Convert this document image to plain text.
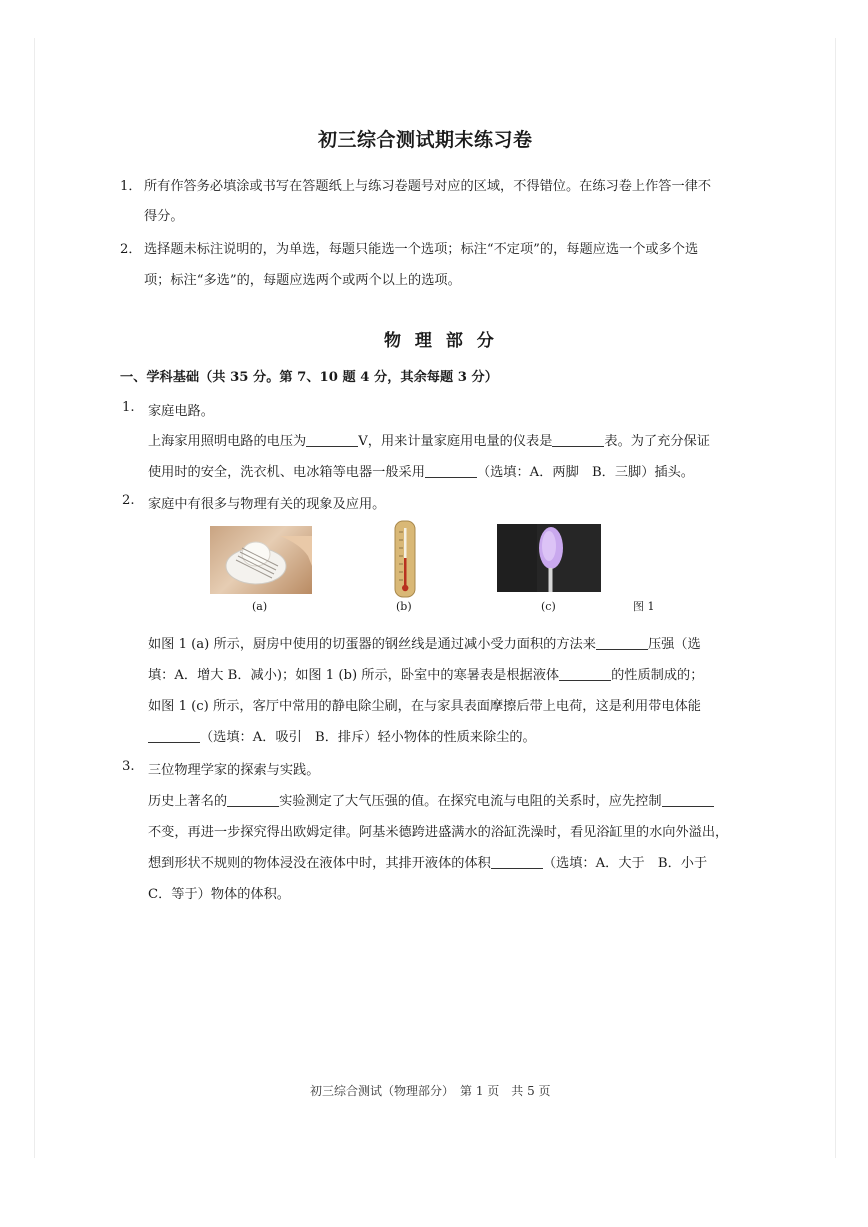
初三综合测试期末练习卷
1． 所有作答务必填涂或书写在答题纸上与练习卷题号对应的区域，不得错位。在练习卷上作答一律不
得分。
2． 选择题未标注说明的，为单选，每题只能选一个选项；标注“不定项”的，每题应选一个或多个选
项；标注“多选”的，每题应选两个或两个以上的选项。
物 理 部 分
一、学科基础（共 35 分。第 7、10 题 4 分，其余每题 3 分）
1. 家庭电路。
上海家用照明电路的电压为	V，用来计量家庭用电量的仪表是	表。为了充分保证
使用时的安全，洗衣机、电冰箱等电器一般采用	（选填：A．两脚　B．三脚）插头。
2. 家庭中有很多与物理有关的现象及应用。
(a)	(b)	(c)	图 1
如图 1 (a) 所示，厨房中使用的切蛋器的钢丝线是通过减小受力面积的方法来	压强（选
填：A．增大 B．减小)；如图 1 (b) 所示，卧室中的寒暑表是根据液体	的性质制成的；
如图 1 (c) 所示，客厅中常用的静电除尘刷，在与家具表面摩擦后带上电荷，这是利用带电体能
（选填：A．吸引　B．排斥）轻小物体的性质来除尘的。
3. 三位物理学家的探索与实践。
历史上著名的	实验测定了大气压强的值。在探究电流与电阻的关系时，应先控制
不变，再进一步探究得出欧姆定律。阿基米德跨进盛满水的浴缸洗澡时，看见浴缸里的水向外溢出，
想到形状不规则的物体浸没在液体中时，其排开液体的体积	（选填：A．大于　B．小于
C．等于）物体的体积。
初三综合测试（物理部分）　第 1 页　共 5 页
